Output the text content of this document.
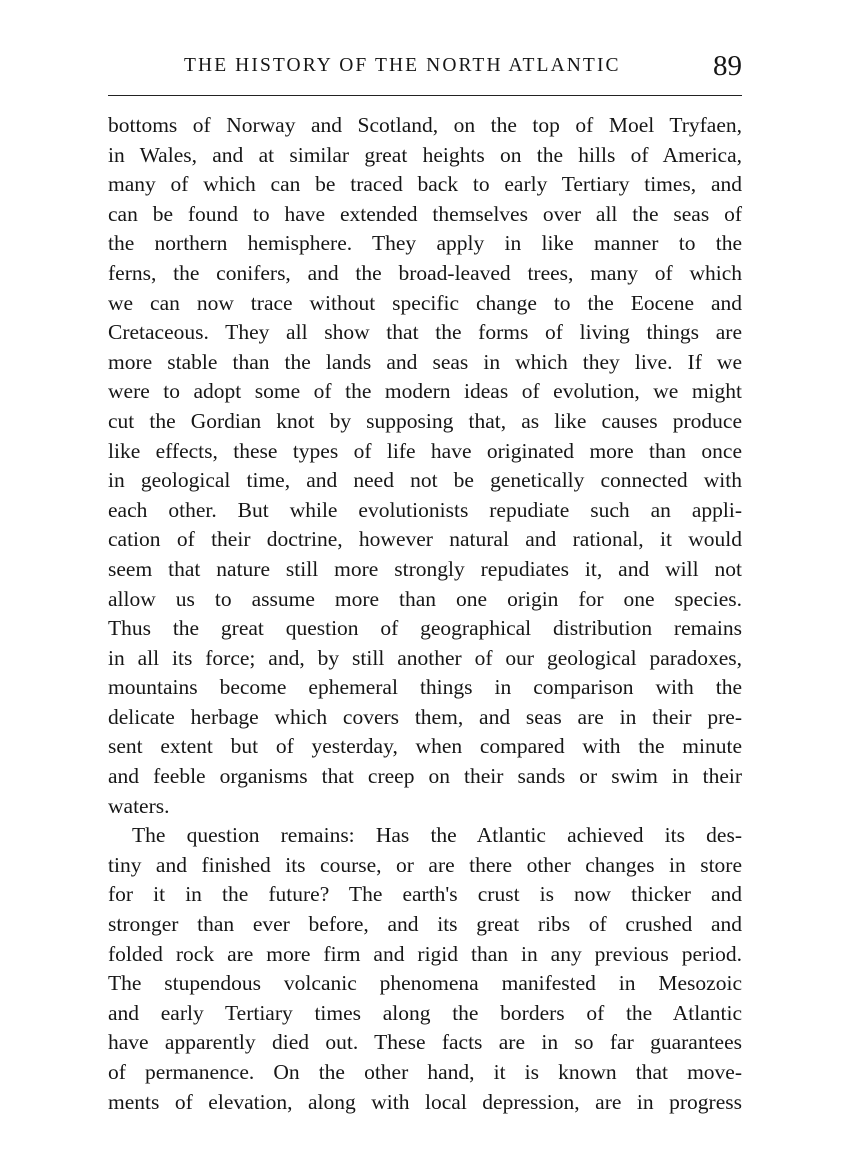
THE HISTORY OF THE NORTH ATLANTIC	89
bottoms of Norway and Scotland, on the top of Moel Tryfaen,
in Wales, and at similar great heights on the hills of America,
many of which can be traced back to early Tertiary times, and
can be found to have extended themselves over all the seas of
the northern hemisphere. They apply in like manner to the
ferns, the conifers, and the broad-leaved trees, many of which
we can now trace without specific change to the Eocene and
Cretaceous. They all show that the forms of living things are
more stable than the lands and seas in which they live. If we
were to adopt some of the modern ideas of evolution, we might
cut the Gordian knot by supposing that, as like causes produce
like effects, these types of life have originated more than once
in geological time, and need not be genetically connected with
each other. But while evolutionists repudiate such an appli-
cation of their doctrine, however natural and rational, it would
seem that nature still more strongly repudiates it, and will not
allow us to assume more than one origin for one species.
Thus the great question of geographical distribution remains
in all its force; and, by still another of our geological paradoxes,
mountains become ephemeral things in comparison with the
delicate herbage which covers them, and seas are in their pre-
sent extent but of yesterday, when compared with the minute
and feeble organisms that creep on their sands or swim in their
waters.
The question remains: Has the Atlantic achieved its des-
tiny and finished its course, or are there other changes in store
for it in the future? The earth's crust is now thicker and
stronger than ever before, and its great ribs of crushed and
folded rock are more firm and rigid than in any previous period.
The stupendous volcanic phenomena manifested in Mesozoic
and early Tertiary times along the borders of the Atlantic
have apparently died out. These facts are in so far guarantees
of permanence. On the other hand, it is known that move-
ments of elevation, along with local depression, are in progress
